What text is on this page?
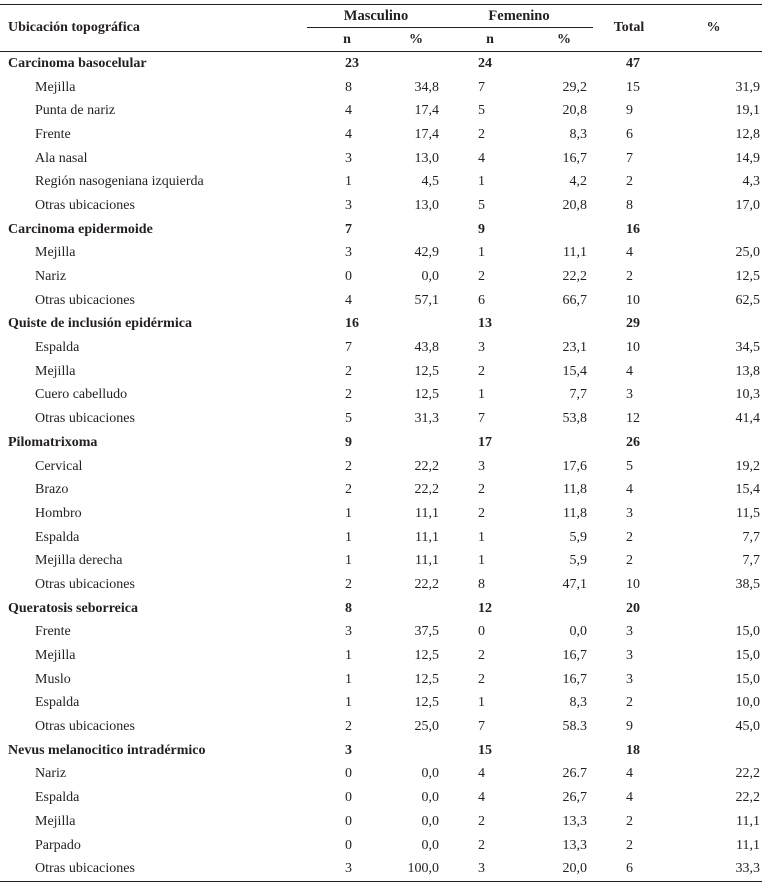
Ubicación topográfica	Masculino		Femenino		Total	%
	n	%	n	%		
Carcinoma basocelular	23		24		47	
Mejilla	8	34,8	7	29,2	15	31,9
Punta de nariz	4	17,4	5	20,8	9	19,1
Frente	4	17,4	2	8,3	6	12,8
Ala nasal	3	13,0	4	16,7	7	14,9
Región nasogeniana izquierda	1	4,5	1	4,2	2	4,3
Otras ubicaciones	3	13,0	5	20,8	8	17,0
Carcinoma epidermoide	7		9		16	
Mejilla	3	42,9	1	11,1	4	25,0
Nariz	0	0,0	2	22,2	2	12,5
Otras ubicaciones	4	57,1	6	66,7	10	62,5
Quiste de inclusión epidérmica	16		13		29	
Espalda	7	43,8	3	23,1	10	34,5
Mejilla	2	12,5	2	15,4	4	13,8
Cuero cabelludo	2	12,5	1	7,7	3	10,3
Otras ubicaciones	5	31,3	7	53,8	12	41,4
Pilomatrixoma	9		17		26	
Cervical	2	22,2	3	17,6	5	19,2
Brazo	2	22,2	2	11,8	4	15,4
Hombro	1	11,1	2	11,8	3	11,5
Espalda	1	11,1	1	5,9	2	7,7
Mejilla derecha	1	11,1	1	5,9	2	7,7
Otras ubicaciones	2	22,2	8	47,1	10	38,5
Queratosis seborreica	8		12		20	
Frente	3	37,5	0	0,0	3	15,0
Mejilla	1	12,5	2	16,7	3	15,0
Muslo	1	12,5	2	16,7	3	15,0
Espalda	1	12,5	1	8,3	2	10,0
Otras ubicaciones	2	25,0	7	58.3	9	45,0
Nevus melanocitico intradérmico	3		15		18	
Nariz	0	0,0	4	26.7	4	22,2
Espalda	0	0,0	4	26,7	4	22,2
Mejilla	0	0,0	2	13,3	2	11,1
Parpado	0	0,0	2	13,3	2	11,1
Otras ubicaciones	3	100,0	3	20,0	6	33,3
